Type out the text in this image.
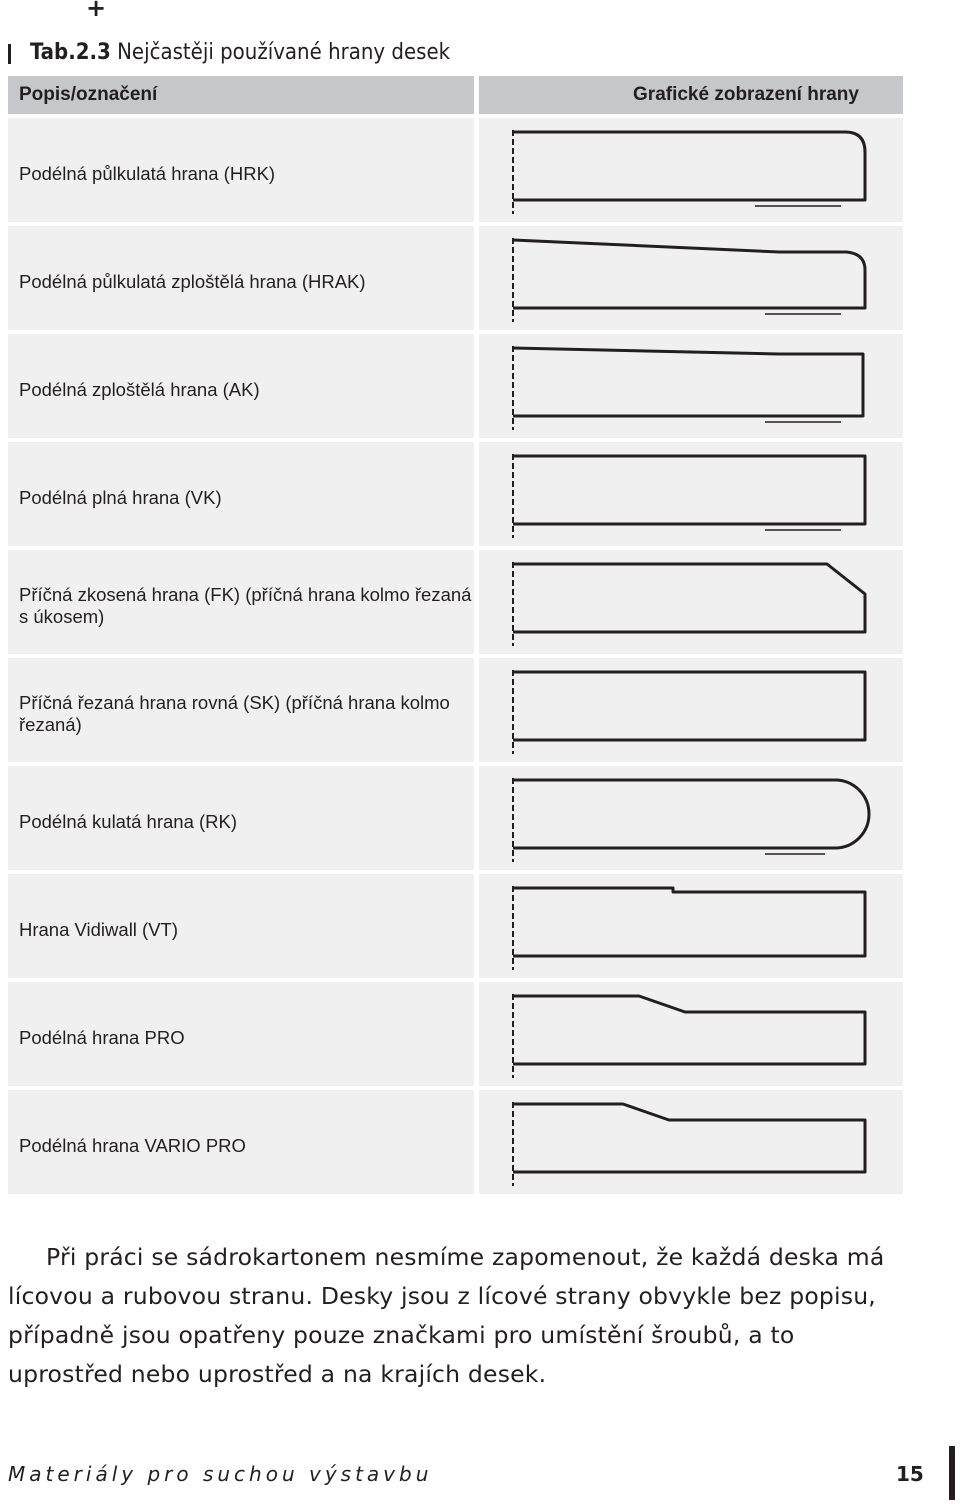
+
Tab.2.3 Nejčastěji používané hrany desek
Popis/označení	Grafické zobrazení hrany
Podélná půlkulatá hrana (HRK)
Podélná půlkulatá zploštělá hrana (HRAK)
Podélná zploštělá hrana (AK)
Podélná plná hrana (VK)
Příčná zkosená hrana (FK) (příčná hrana kolmo řezaná s úkosem)
Příčná řezaná hrana rovná (SK) (příčná hrana kolmo řezaná)
Podélná kulatá hrana (RK)
Hrana Vidiwall (VT)
Podélná hrana PRO
Podélná hrana VARIO PRO
Při práci se sádrokartonem nesmíme zapomenout, že každá deska má lícovou a rubovou stranu. Desky jsou z lícové strany obvykle bez popisu, případně jsou opatřeny pouze značkami pro umístění šroubů, a to uprostřed nebo uprostřed a na krajích desek.
Materiály pro suchou výstavbu	15
